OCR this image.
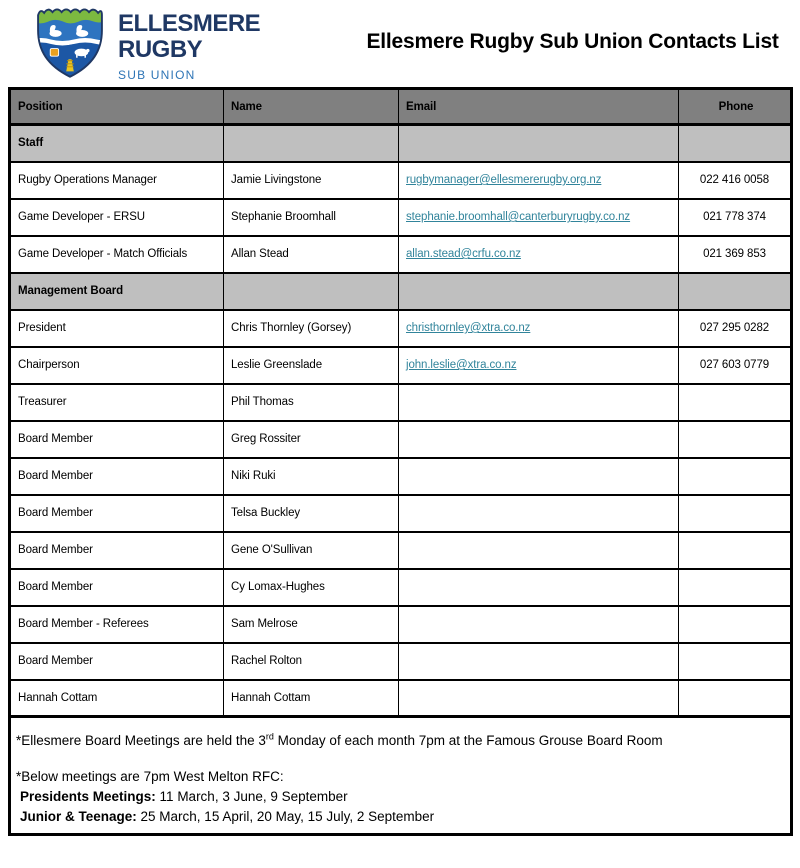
ELLESMERE
RUGBY
SUB UNION
Ellesmere Rugby Sub Union Contacts List
Position	Name	Email	Phone
Staff			
Rugby Operations Manager	Jamie Livingstone	rugbymanager@ellesmererugby.org.nz	022 416 0058
Game Developer - ERSU	Stephanie Broomhall	stephanie.broomhall@canterburyrugby.co.nz	021 778 374
Game Developer - Match Officials	Allan Stead	allan.stead@crfu.co.nz	021 369 853
Management Board			
President	Chris Thornley (Gorsey)	christhornley@xtra.co.nz	027 295 0282
Chairperson	Leslie Greenslade	john.leslie@xtra.co.nz	027 603 0779
Treasurer	Phil Thomas		
Board Member	Greg Rossiter		
Board Member	Niki Ruki		
Board Member	Telsa Buckley		
Board Member	Gene O'Sullivan		
Board Member	Cy Lomax-Hughes		
Board Member - Referees	Sam Melrose		
Board Member	Rachel Rolton		
Hannah Cottam	Hannah Cottam		

*Ellesmere Board Meetings are held the 3rd Monday of each month 7pm at the Famous Grouse Board Room
*Below meetings are 7pm West Melton RFC:
Presidents Meetings: 11 March, 3 June, 9 September
Junior & Teenage: 25 March, 15 April, 20 May, 15 July, 2 September			
